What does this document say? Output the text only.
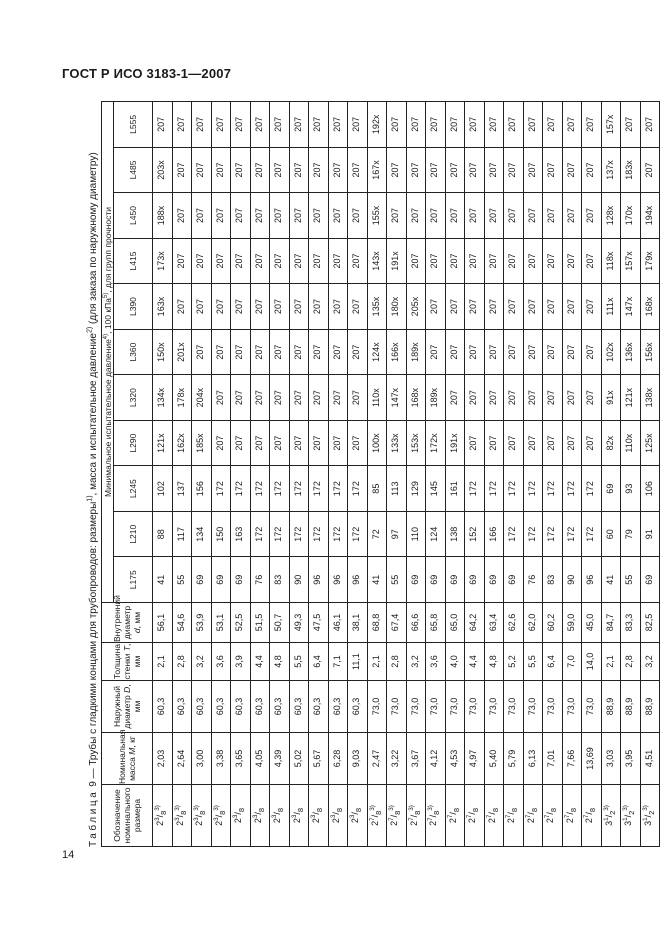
ГОСТ Р ИСО 3183-1—2007
Таблица 9 — Трубы с гладкими концами для трубопроводов: размеры$^{1)}$, масса и испытательное давление$^{2)}$ (для заказа по наружному диаметру)
Обозначение номинального размера	Номинальная масса М, кг	Наружный диаметр D, мм	Толщина стенки Т, мм	Внутренний диаметр d, мм	Минимальное испытательное давление$^{4)}$, 100 кПа$^{5)}$, для групп прочности										
					L175	L210	L245	L290	L320	L360	L390	L415	L450	L485	L555
$2^3/_8^{3)}$	2,03	60,3	2,1	56,1	41	88	102	121x	134x	150x	163x	173x	188x	203x	207
$2^3/_8^{3)}$	2,64	60,3	2,8	54,6	55	117	137	162x	178x	201x	207	207	207	207	207
$2^3/_8^{3)}$	3,00	60,3	3,2	53,9	69	134	156	185x	204x	207	207	207	207	207	207
$2^3/_8^{3)}$	3,38	60,3	3,6	53,1	69	150	172	207	207	207	207	207	207	207	207
$2^3/_8$	3,65	60,3	3,9	52,5	69	163	172	207	207	207	207	207	207	207	207
$2^3/_8$	4,05	60,3	4,4	51,5	76	172	172	207	207	207	207	207	207	207	207
$2^3/_8$	4,39	60,3	4,8	50,7	83	172	172	207	207	207	207	207	207	207	207
$2^3/_8$	5,02	60,3	5,5	49,3	90	172	172	207	207	207	207	207	207	207	207
$2^3/_8$	5,67	60,3	6,4	47,5	96	172	172	207	207	207	207	207	207	207	207
$2^3/_8$	6,28	60,3	7,1	46,1	96	172	172	207	207	207	207	207	207	207	207
$2^3/_8$	9,03	60,3	11,1	38,1	96	172	172	207	207	207	207	207	207	207	207
$2^7/_8^{3)}$	2,47	73,0	2,1	68,8	41	72	85	100x	110x	124x	135x	143x	155x	167x	192x
$2^7/_8^{3)}$	3,22	73,0	2,8	67,4	55	97	113	133x	147x	166x	180x	191x	207	207	207
$2^7/_8^{3)}$	3,67	73,0	3,2	66,6	69	110	129	153x	168x	189x	205x	207	207	207	207
$2^7/_8^{3)}$	4,12	73,0	3,6	65,8	69	124	145	172x	189x	207	207	207	207	207	207
$2^7/_8$	4,53	73,0	4,0	65,0	69	138	161	191x	207	207	207	207	207	207	207
$2^7/_8$	4,97	73,0	4,4	64,2	69	152	172	207	207	207	207	207	207	207	207
$2^7/_8$	5,40	73,0	4,8	63,4	69	166	172	207	207	207	207	207	207	207	207
$2^7/_8$	5,79	73,0	5,2	62,6	69	172	172	207	207	207	207	207	207	207	207
$2^7/_8$	6,13	73,0	5,5	62,0	76	172	172	207	207	207	207	207	207	207	207
$2^7/_8$	7,01	73,0	6,4	60,2	83	172	172	207	207	207	207	207	207	207	207
$2^7/_8$	7,66	73,0	7,0	59,0	90	172	172	207	207	207	207	207	207	207	207
$2^7/_8$	13,69	73,0	14,0	45,0	96	172	172	207	207	207	207	207	207	207	207
$3^1/_2^{3)}$	3,03	88,9	2,1	84,7	41	60	69	82x	91x	102x	111x	118x	128x	137x	157x
$3^1/_2^{3)}$	3,95	88,9	2,8	83,3	55	79	93	110x	121x	136x	147x	157x	170x	183x	207
$3^1/_2^{3)}$	4,51	88,9	3,2	82,5	69	91	106	125x	138x	156x	168x	179x	194x	207	207
14
